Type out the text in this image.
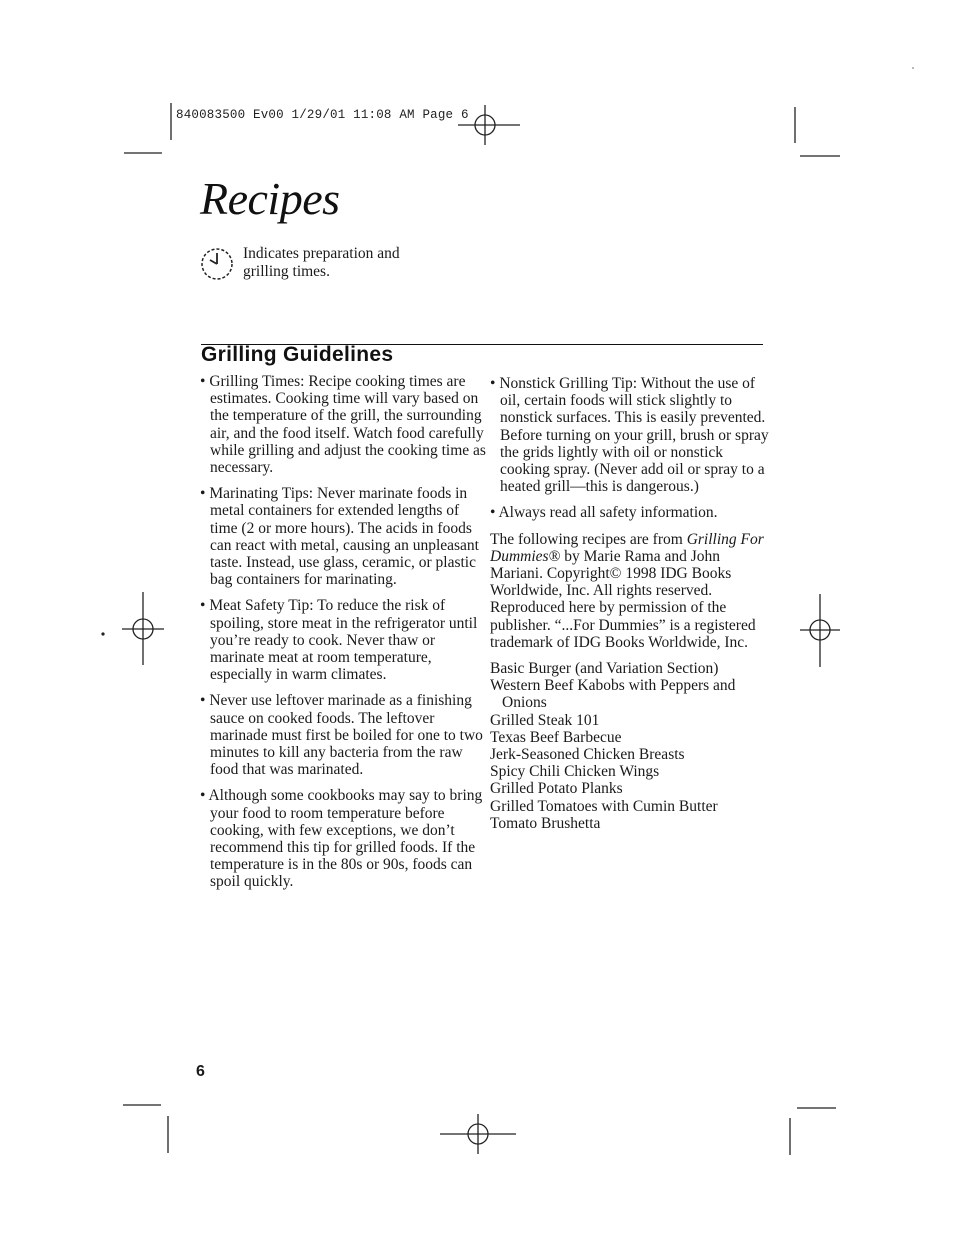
840083500 Ev00 1/29/01 11:08 AM Page 6
Recipes
Indicates preparation and grilling times.
Grilling Guidelines

• Grilling Times: Recipe cooking times are estimates. Cooking time will vary based on the temperature of the grill, the surrounding air, and the food itself. Watch food carefully while grilling and adjust the cooking time as necessary.

• Marinating Tips: Never marinate foods in metal containers for extended lengths of time (2 or more hours). The acids in foods can react with metal, causing an unpleasant taste. Instead, use glass, ceramic, or plastic bag containers for marinating.

• Meat Safety Tip: To reduce the risk of spoiling, store meat in the refrigerator until you’re ready to cook. Never thaw or marinate meat at room temperature, especially in warm climates.

• Never use leftover marinade as a finishing sauce on cooked foods. The leftover marinade must first be boiled for one to two minutes to kill any bacteria from the raw food that was marinated.

• Although some cookbooks may say to bring your food to room temperature before cooking, with few exceptions, we don’t recommend this tip for grilled foods. If the temperature is in the 80s or 90s, foods can spoil quickly.

• Nonstick Grilling Tip: Without the use of oil, certain foods will stick slightly to nonstick surfaces. This is easily prevented. Before turning on your grill, brush or spray the grids lightly with oil or nonstick cooking spray. (Never add oil or spray to a heated grill—this is dangerous.)

• Always read all safety information.

The following recipes are from Grilling For Dummies® by Marie Rama and John Mariani. Copyright© 1998 IDG Books Worldwide, Inc. All rights reserved. Reproduced here by permission of the publisher. “...For Dummies” is a registered trademark of IDG Books Worldwide, Inc.

Basic Burger (and Variation Section)
Western Beef Kabobs with Peppers and Onions
Grilled Steak 101
Texas Beef Barbecue
Jerk-Seasoned Chicken Breasts
Spicy Chili Chicken Wings
Grilled Potato Planks
Grilled Tomatoes with Cumin Butter
Tomato Brushetta
6
